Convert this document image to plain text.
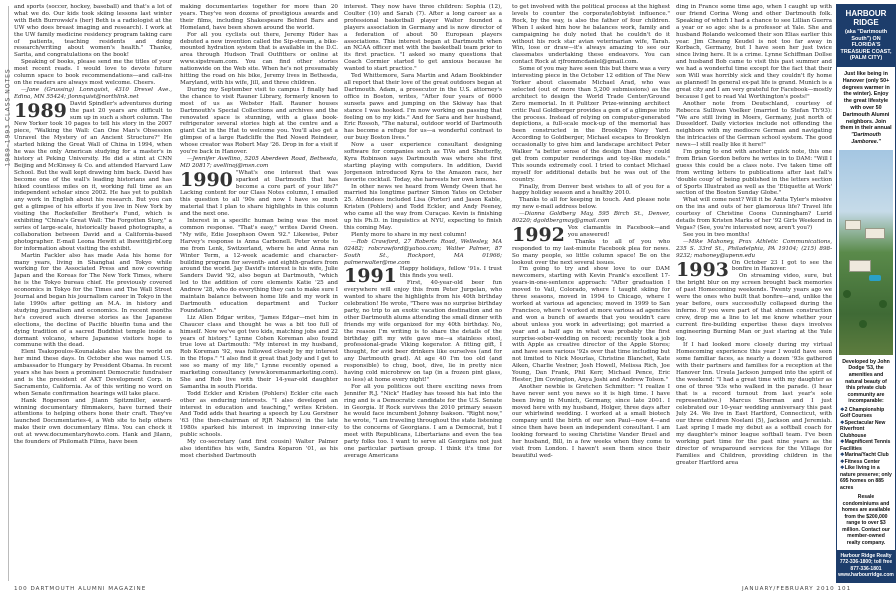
1989–1993 CLASS NOTES

and sports (soccer, hockey, baseball) and that's a lot of what we do. Our kids took skiing lessons last winter with Beth Burrowski's (her) Beth is a radiologist at the UW who does breast imaging and research). I work at the UW family medicine residency program taking care of patients, teaching residents and doing research/writing about women's health." Thanks, Sarita, and congratulations on the book!

Speaking of books, please send me the titles of your most recent reads. I would love to devote future column space to book recommendations—and call-ins on the readers are always most welcome. Cheers.

—Jane (Grussing) Lonnquist, 4310 Drexel Ave., Edina, MN 55424; jlonnquist@northlink.net

1989 David Spindler's adventures during the past 20 years are difficult to sum up in such a short column. The New Yorker took 10 pages to tell his story in the 2007 piece, "Walking the Wall: Can One Man's Obsession Unravel the Mystery of an Ancient Structure?" He started hiking the Great Wall of China in 1994, when he was the only American studying for a master's in history at Peking University. He did a stint at CNN Beijing and McKinsey & Co. and attended Harvard Law School. But the wall kept drawing him back. David has become one of the wall's leading historians and has hiked countless miles on it, working full time as an independent scholar since 2002. He has yet to publish any work in English about his research. But you can get a glimpse of his efforts if you live in New York by visiting the Rockefeller Brother's Fund, which is exhibiting "China's Great Wall: The Forgotten Story," a series of large-scale, historically based photographs, a collaboration between David and a California-based photographer. E-mail Leona Hewitt at lhewitt@rbf.org for information about visiting the exhibit.

Martin Fackler also has made Asia his home for many years, living in Shanghai and Tokyo while working for the Associated Press and now covering Japan and the Koreas for The New York Times, where he is the Tokyo bureau chief. He previously covered economics in Tokyo for the Times and The Wall Street Journal and began his journalism career in Tokyo in the late 1990s after getting an M.A. in history and studying journalism and economics. In recent months he's covered such diverse stories as the Japanese elections, the decline of Pacific bluefin tuna and the dying tradition of a sacred Buddhist temple inside a dormant volcano, where Japanese visitors hope to commune with the dead.

Eleni Tsakopoulos-Kounalakis also has the world on her mind these days. In October she was named U.S. ambassador to Hungary by President Obama. In recent years she has been a prominent Democratic fundraiser and is the president of AKT Development Corp. in Sacramento, California. As of this writing no word on when Senate confirmation hearings will take place.

Hank Rogerson and Jilann Spitzmiller, award-winning documentary filmmakers, have turned their attentions to helping others hone their craft. They've launched Documentaries-4, a Web site to help others make their own documentary films. You can check it out at www.documentaryhowto.com. Hank and Jilann, the founders of Philomath Films, have been

making documentaries together for more than 20 years. They've won dozens of prestigious awards and their films, including Shakespeare Behind Bars and Homeland, have been shown around the world.

For all you cyclists out there, Jeremy Rider has debuted a new invention called the Sip-stream, a bike-mounted hydration system that is available in the D.C. area through Hudson Trail Outfitters or online at www.sipstream.com. You can find other stories nationwide on the Web site. When he's not presumably hitting the road on his bike, Jeremy lives in Bethesda, Maryland, with his wife, Jill, and three children.

During my September visit to campus I finally had the chance to visit Rauner Library, formerly known to most of us as Webster Hall. Rauner houses Dartmouth's Special Collections and archives and the renovated space is stunning, with a glass book-refrigerator several stories high at the centre and a giant Cat in the Hat to welcome you. You'll also get a glimpse of a large Radcliffe the Red Nosed Reindeer, whose creator was Robert May '26. Drop in for a visit if you're back in Hanover.

—Jennifer Avellino, 5205 Aberdeen Road, Bethesda, MD 20817; avellinoj@msn.com

1990 "What's one interest that was sparked at Dartmouth that has become a core part of your life?" Lacking content for our Class Notes column, I emailed this question to all '90s and now I have so much material that I plan to share highlights in this column and the next one.

Interest in a specific human being was the most common response. "That's easy," writes David Owen. "My wife, Edie Josephson Owen '92." Likewise, Peter Harvey's response is Anna Carbonell. Peter wrote to me from Lenk, Switzerland, where he and Anna ran Winter Term, a 12-week academic and character-building program for seventh- and eighth-graders from around the world. Jay David's interest is his wife, Julie Sanders David '92, also begun at Dartmouth, "which led to the addition of core elements Katie '25 and Andrew '28, who do everything they can to make sure I maintain balance between home life and my work in Dartmouth education department and Tucker Foundation."

Liz Allen Edgar writes, "James Edgar—met him in Chaucer class and thought he was a bit too full of himself. Now we've got two kids, matching jobs and 22 years of history." Lynne Cohen Koreman also found true love at Dartmouth: "My interest in my husband, Rob Koreman '92, was followed closely by my interest in the Hops." "I also find it great that Jody and I get to see so many of my life," Lynne recently opened a marketing consultancy (www.koremanmarketing.com). She and Rob live with their 14-year-old daughter Samantha in south Florida.

Todd Eckler and Kristen (Pohlers) Eckler cite each other as enduring interests. "I also developed an interest in education and teaching," writes Kristen. And Todd adds that hearing a speech by Lou Gerstner '63 (the then-chairman of RJR Nabisco) in the late 1980s sparked his interest in improving inner-city public schools.

My co-secretary (and first cousin) Walter Palmer also identifies his wife, Sandra Koparon '01, as his most cherished Dartmouth

interest. They now have three children: Sophia (12), Coulter (10) and Sarah (7). After a long career as a professional basketball player Walter founded a players association in Germany and is now director of a federation of about 50 European players associations. This interest began at Dartmouth when an NCAA officer met with the basketball team prior to its first practice. "I asked so many questions that Coach Cormier started to get anxious because he wanted to start practice."

Ted Whittemore, Sara Martin and Adam Bookbinder all report that their love of the great outdoors began at Dartmouth. Adam, a prosecutor in the U.S. attorney's office in Boston, writes, "After four years of 6000 sunsets paws and jumping on the Skiway has that stance I was hooked. I'm now working on passing that feeling on to my kids." And for Sara and her husband, Eric Rossoh, "The natural, outdoor world of Dartmouth has become a refuge for us—a wonderful contrast to our busy Boston lives."

Now a user experience consultant designing software for companies such as TiVo and Shutterfly, Kyra Robinson says Dartmouth was where she first starting playing with computers. In addition, David Jorgenson introduced Kyra to the Amazon race, her favorite cocktail. Today, she harvests her own lemons.

In other news we heard from Wendy Owen that he married his longtime partner Simon Yates on October 25. Attendees included Lisa (Porter) and Jason Kable, Kristen (Pohlers) and Todd Eckler, and Andy Feeney, who came all the way from Curaçao. Kevin is finishing up his Ph.D. in linguistics at NYU, expecting to finish this coming May.

Plenty more to share in my next column!

—Rob Crawford, 27 Roberts Road, Wellesley, MA 02482; robcrawford@yahoo.com; Walter Palmer, 87 South St., Rockport, MA 01966; palmerwalter@me.com

1991 Happy holidays, fellow '91s. I trust this finds you well.

First, 40-year-old beer fun everywhere will enjoy this from Peter Jurgelan, who wanted to share the highlights from his 40th birthday celebration! He wrote, "There was no surprise birthday party, no trip to an exotic vacation destination and no other Dartmouth alums attending the small dinner with friends my wife organized for my 40th birthday. No, the reason I'm writing is to share the details of the birthday gift my wife gave me—a stainless steel, professional-grade Viking kegerator. A fitting gift, I thought, for avid beer drinkers like ourselves (and for any Dartmouth grad). At age 40 I'm too old (and responsible) to chug, boot, dive, lie in pretty nice having cold microbrew on tap (in a frozen pint glass, no less) at home every night!"

For all you politicos out there exciting news from Jennifer R.J. "Nick" Hadley has tossed his hat into the ring and is a Democratic candidate for the U.S. Senate in Georgia. If Rock survives the 2010 primary season he would face incumbent Johnny Isakson. "Right now," he wrote, "I am traveling throughout the state listening to the concerns of Georgians. I am a Democrat, but I meet with Republicans, Libertarians and even the tea party folks too. I want to serve all Georgians not just one particular partisan group. I think it's time for average Americans

to get involved with the political process at the highest levels to counter the corporate/lobbyist influence." Rock, by the way, is also the father of four children. When I asked him how he balances work, family and campaigning he duly noted that he couldn't do it without his rock star avian veterinarian wife, Tarah. Win, lose or draw—it's always amazing to see our classmates undertaking these endeavors. You can contact Rock at rjfrommcdaniel@gmail.com.

Some of you may have seen this but there was a very interesting piece in the October 12 edition of The New Yorker about classmate Michael Arad, who was selected (out of more than 5,200 submissions) as the architect to design the World Trade Center/Ground Zero memorial. In it Pulitzer Prize-winning architect critic Paul Goldberger provides a gem of a glimpse into the process. Instead of relying on computer-generated depictions, a full-scale mock-up of the memorial has been constructed in the Brooklyn Navy Yard. According to Goldberger, Michael escapes to Brooklyn occasionally to give him and landscape architect Peter Walker "a better sense of the design than they could get from computer renderings and toy-like models." This sounds extremely cool. I tried to contact Michael myself for additional details but he was out of the country.

Finally, from Denver best wishes to all of you for a happy holiday season and a healthy 2010.

Thanks to all for keeping in touch. And please note my new e-mail address below.

—Dianna Goldberg May, 595 Birch St., Denver, 80220; dgoldbergmay@gmail.com

1992 Vox clamantis in Facebook—and you answered!

Thanks to all of you who responded to my last-minute Facebook plea for news. So many people, so little column space! Be on the lookout over the next several issues.

I'm going to try and show love to our DAM newcomers, starting with Kevin Frank's excellent 17-years-in-one-sentence approach: "After graduation I moved to Vail, Colorado, where I taught skiing for three seasons, moved in 1994 to Chicago, where I worked at various ad agencies; moved in 1999 to San Francisco, where I worked at more various ad agencies and won a bunch of awards that you wouldn't care about unless you work in advertising; got married a year and a half ago in what was probably the first surprise-sober-wedding on record; recently took a job with Apple as creative director of the Apple Stores; and have seen various '92s over that time including but not limited to Nick Mourlas, Christine Blanchet, Kate Aiken, Charlie Vestner, Josh Howell, Melissa Rich, Joe Young, Dan Frank, Phil Kerr, Michael Pence, Eric Hester, Jim Covington, Anya Joshi and Andrew Tolson."

Another newbie is Gretchen Schmitter: "I realize I have never sent you news so it is high time. I have been living in Munich, Germany, since late 2001. I moved here with my husband, Holger, three days after our whirlwind wedding. I worked at a small biotech company until the birth of our son Paul—now 4—and since then have been an independent consultant. I am looking forward to seeing Christine Vander Bruel and her husband, Bill, in a few weeks when they come to visit from London. I haven't seen them since their beautiful wed-

ding in France some time ago, when I caught up with our friend Corina Wong and other Dartmouth folk. Speaking of which I had a chance to see Lillian Guerra a year or so ago: she is a professor at Yale. She and husband Rolando welcomed their son Elias earlier this year. Jim Cheung Keudel is not too far away in Korbach, Germany, but I have seen her just twice since living here. It is a crime. Lynne Schiffman Dollse and husband Bob came to visit this past summer and we had a wonderful time except for the fact that their son Will was horribly sick and they couldn't fly home as planned! In general ex-pat life is grand. Munich is a great city and I am very grateful for Facebook—mostly because I get to read Val Worthington's posts!"

Another note from Deutschland, courtesy of Rebecca Sullivan Voelker (married to Stefan Th'93): "We are still living in Moers, Germany, just north of Dusseldorf. Daily victories include not offending the neighbors with my mediocre German and navigating the intricacies of the German school system. The good news—I still really like it here!"

I'm going to end with another quick note, this one from Brian Gordon before he writes in to DAM: "Will I guess this could be a class note. I've taken time off from writing letters to publications after last fall's 'double coup' of being published in the letters section of Sports Illustrated as well as the 'Etiquette at Work' section of the Boston Sunday Globe."

What will come next? Will it be Anita Tyler's missive on the ins and outs of her glamorous life? Travel life courtesy of Christine Coons Cunningham? Lurid details from Kristen Marks of her '92 Girls Weekend in Vegas? (See, you're interested now, aren't you?)

See you in two months!

—Mike Mahoney, Prax Athletic Communications, 235 S. 33rd St., Philadelphia, PA 19104; (215) 898-9232; mahoney@upenn.edu

1993 On October 23 I got to see the bonfire in Hanover.

On streaming video, sure, but the bright blur on my screen brought back memories of past Homecoming weekends. Twenty years ago we were the ones who built that bonfire—and, unlike the year before, ours successfully collapsed during the inferno. If you were part of that shmen construction crew, drop me a line to let me know whether your current fire-building expertise these days involves engineering Burning Man or just staring at the Yule log.

If I had looked more closely during my virtual Homecoming experience this year I would have seen some familiar faces, as nearly a dozen '93s gathered with their partners and families for a reception at the Hanover Inn. Ursula Jackson jumped into the spirit of the weekend: "I had a great time with my daughter as one of three '93s who walked in the parade. (I hear that is a record turnout from last year's sole representative.) Marcus Sherman and I just celebrated our 10-year wedding anniversary this past July 24. We live in East Hartford, Connecticut, with our three children Noelani (5), Jackson and Jeremiah. Last spring I made my debut as a softball coach for my daughter's minor league softball team. I've been working part time for the past nine years as the director of wraparound services for the Village for Families and Children, providing children in the greater Hartford area

HARBOUR RIDGE
(aka "Dartmouth South") ON FLORIDA'S TREASURE COAST, (PALM CITY)
Just like being in Hanover (only 50+ degrees warmer in the winter). Enjoy the great lifestyle with over 50 Dartmouth Alumni neighbors. Join them in their annual "Dartmouth Jamboree."
Developed by John Dodge '53, the amenities and natural beauty of this private club community are incomparable:
❖ 2 Championship Golf Courses
❖ Spectacular New Riverfront Clubhouse
❖ Magnificent Tennis Facilities
❖ Marina/Yacht Club
❖ Fitness Center
❖ Like living in a nature preserve; only 695 homes on 885 acres
Resale condominiums and homes are available from the $200,000 range to over $3 million. Contact our member-owned realty company.
Harbour Ridge Realty
772-336-1800; toll free 877-336-1801
www.harbourridge.com
100 DARTMOUTH ALUMNI MAGAZINE	JANUARY/FEBRUARY 2010 101
